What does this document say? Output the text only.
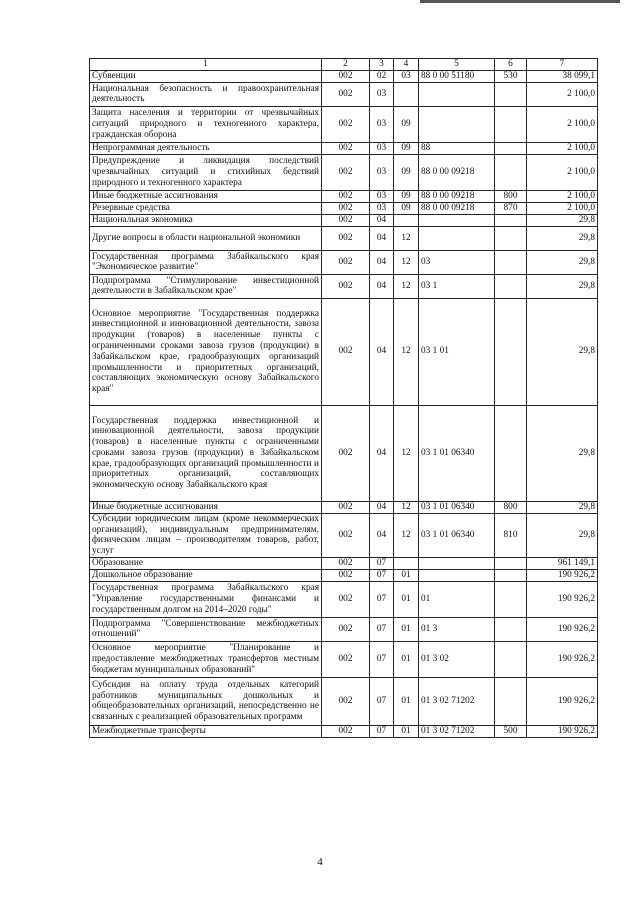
1	2	3	4	5	6	7
Субвенции	002	02	03	88 0 00 51180	530	38 099,1
Национальная безопасность и правоохранительная деятельность	002	03				2 100,0
Защита населения и территории от чрезвычайных ситуаций природного и техногенного характера, гражданская оборона	002	03	09			2 100,0
Непрограммная деятельность	002	03	09	88		2 100,0
Предупреждение и ликвидация последствий чрезвычайных ситуаций и стихийных бедствий природного и техногенного характера	002	03	09	88 0 00 09218		2 100,0
Иные бюджетные ассигнования	002	03	09	88 0 00 09218	800	2 100,0
Резервные средства	002	03	09	88 0 00 09218	870	2 100,0
Национальная экономика	002	04				29,8
Другие вопросы в области национальной экономики	002	04	12			29,8
Государственная программа Забайкальского края "Экономическое развитие"	002	04	12	03		29,8
Подпрограмма "Стимулирование инвестиционной деятельности в Забайкальском крае"	002	04	12	03 1		29,8
Основное мероприятие "Государственная поддержка инвестиционной и инновационной деятельности, завоза продукции (товаров) в населенные пункты с ограниченными сроками завоза грузов (продукции) в Забайкальском крае, градообразующих организаций промышленности и приоритетных организаций, составляющих экономическую основу Забайкальского края"	002	04	12	03 1 01		29,8
Государственная поддержка инвестиционной и инновационной деятельности, завоза продукции (товаров) в населенные пункты с ограниченными сроками завоза грузов (продукции) в Забайкальском крае, градообразующих организаций промышленности и приоритетных организаций, составляющих экономическую основу Забайкальского края	002	04	12	03 1 01 06340		29,8
Иные бюджетные ассигнования	002	04	12	03 1 01 06340	800	29,8
Субсидии юридическим лицам (кроме некоммерческих организаций), индивидуальным предпринимателям, физическим лицам – производителям товаров, работ, услуг	002	04	12	03 1 01 06340	810	29,8
Образование	002	07				961 149,1
Дошкольное образование	002	07	01			190 926,2
Государственная программа Забайкальского края "Управление государственными финансами и государственным долгом на 2014–2020 годы"	002	07	01	01		190 926,2
Подпрограмма "Совершенствование межбюджетных отношений"	002	07	01	01 3		190 926,2
Основное мероприятие "Планирование и предоставление межбюджетных трансфертов местным бюджетам муниципальных образований"	002	07	01	01 3 02		190 926,2
Субсидия на оплату труда отдельных категорий работников муниципальных дошкольных и общеобразовательных организаций, непосредственно не связанных с реализацией образовательных программ	002	07	01	01 3 02 71202		190 926,2
Межбюджетные трансферты	002	07	01	01 3 02 71202	500	190 926,2
4
